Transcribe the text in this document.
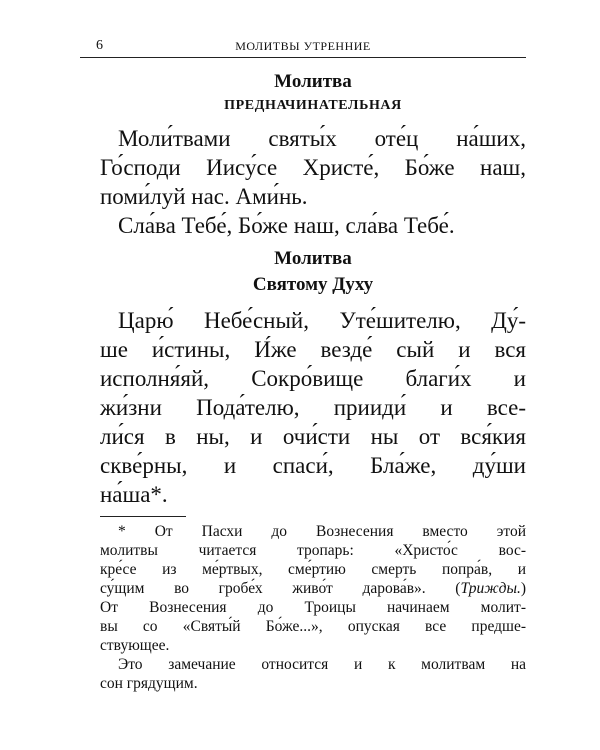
6	МОЛИТВЫ УТРЕННИЕ

Молитва

ПРЕДНАЧИНАТЕЛЬНАЯ

Моли́твами святы́х оте́ц на́ших,

Го́споди Иису́се Христе́, Бо́же наш,

поми́луй нас. Ами́нь.

Сла́ва Тебе́, Бо́же наш, сла́ва Тебе́.

Молитва

Святому Духу

Царю́ Небе́сный, Уте́шителю, Ду́-

ше и́стины, И́же везде́ сый и вся

исполня́яй, Сокро́вище благи́х и

жи́зни Пода́телю, прииди́ и все-

ли́ся в ны, и очи́сти ны от вся́кия

скве́рны, и спаси́, Бла́же, ду́ши

на́ша*.

* От Пасхи до Вознесения вместо этой
молитвы читается тропарь: «Христо́с вос-
кре́се из ме́ртвых, сме́ртию смерть попра́в, и
су́щим во гробе́х живо́т дарова́в». (Трижды.)
От Вознесения до Троицы начинаем молит-
вы со «Святы́й Бо́же...», опуская все предше-
ствующее.
Это замечание относится и к молитвам на
сон грядущим.
